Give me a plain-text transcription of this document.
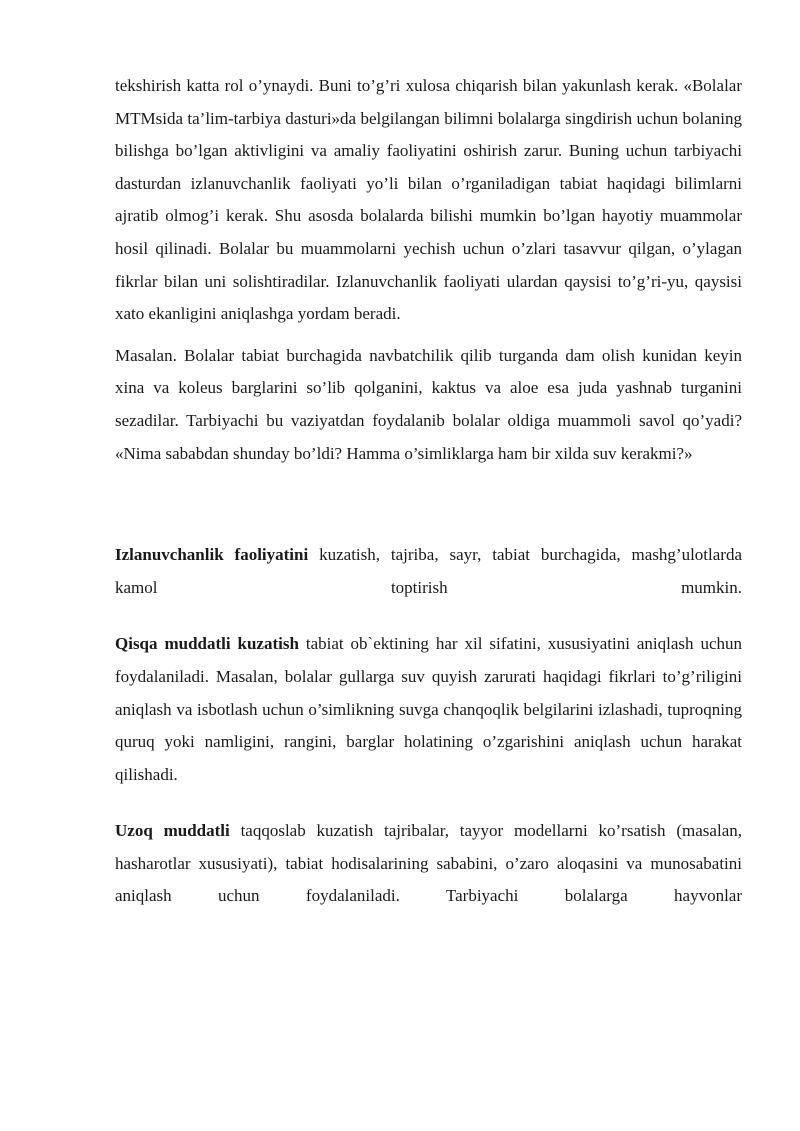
tekshirish katta rol o’ynaydi. Buni to’g’ri xulosa chiqarish bilan yakunlash kerak. «Bolalar MTMsida ta’lim-tarbiya dasturi»da belgilangan bilimni bolalarga singdirish uchun bolaning bilishga bo’lgan aktivligini va amaliy faoliyatini oshirish zarur. Buning uchun tarbiyachi dasturdan izlanuvchanlik faoliyati yo’li bilan o’rganiladigan tabiat haqidagi bilimlarni ajratib olmog’i kerak. Shu asosda bolalarda bilishi mumkin bo’lgan hayotiy muammolar hosil qilinadi. Bolalar bu muammolarni yechish uchun o’zlari tasavvur qilgan, o’ylagan fikrlar bilan uni solishtiradilar. Izlanuvchanlik faoliyati ulardan qaysisi to’g’ri-yu, qaysisi xato ekanligini aniqlashga yordam beradi.

Masalan. Bolalar tabiat burchagida navbatchilik qilib turganda dam olish kunidan keyin xina va koleus barglarini so’lib qolganini, kaktus va aloe esa juda yashnab turganini sezadilar. Tarbiyachi bu vaziyatdan foydalanib bolalar oldiga muammoli savol qo’yadi? «Nima sababdan shunday bo’ldi? Hamma o’simliklarga ham bir xilda suv kerakmi?»

Izlanuvchanlik faoliyatini kuzatish, tajriba, sayr, tabiat burchagida, mashg’ulotlarda kamol toptirish mumkin.

Qisqa muddatli kuzatish tabiat ob`ektining har xil sifatini, xususiyatini aniqlash uchun foydalaniladi. Masalan, bolalar gullarga suv quyish zarurati haqidagi fikrlari to’g’riligini aniqlash va isbotlash uchun o’simlikning suvga chanqoqlik belgilarini izlashadi, tuproqning quruq yoki namligini, rangini, barglar holatining o’zgarishini aniqlash uchun harakat qilishadi.

Uzoq muddatli taqqoslab kuzatish tajribalar, tayyor modellarni ko’rsatish (masalan, hasharotlar xususiyati), tabiat hodisalarining sababini, o’zaro aloqasini va munosabatini aniqlash uchun foydalaniladi. Tarbiyachi bolalarga hayvonlar
